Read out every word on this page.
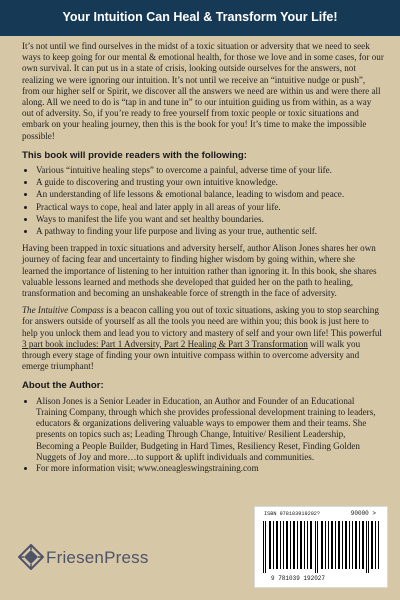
Your Intuition Can Heal & Transform Your Life!

It’s not until we find ourselves in the midst of a toxic situation or adversity that we need to seek ways to keep going for our mental & emotional health, for those we love and in some cases, for our own survival. It can put us in a state of crisis, looking outside ourselves for the answers, not realizing we were ignoring our intuition. It’s not until we receive an “intuitive nudge or push”, from our higher self or Spirit, we discover all the answers we need are within us and were there all along. All we need to do is “tap in and tune in” to our intuition guiding us from within, as a way out of adversity. So, if you’re ready to free yourself from toxic people or toxic situations and embark on your healing journey, then this is the book for you! It’s time to make the impossible possible!

This book will provide readers with the following:
• Various “intuitive healing steps” to overcome a painful, adverse time of your life.
• A guide to discovering and trusting your own intuitive knowledge.
• An understanding of life lessons & emotional balance, leading to wisdom and peace.
• Practical ways to cope, heal and later apply in all areas of your life.
• Ways to manifest the life you want and set healthy boundaries.
• A pathway to finding your life purpose and living as your true, authentic self.

Having been trapped in toxic situations and adversity herself, author Alison Jones shares her own journey of facing fear and uncertainty to finding higher wisdom by going within, where she learned the importance of listening to her intuition rather than ignoring it. In this book, she shares valuable lessons learned and methods she developed that guided her on the path to healing, transformation and becoming an unshakeable force of strength in the face of adversity.

The Intuitive Compass is a beacon calling you out of toxic situations, asking you to stop searching for answers outside of yourself as all the tools you need are within you; this book is just here to help you unlock them and lead you to victory and mastery of self and your own life! This powerful 3 part book includes: Part 1 Adversity, Part 2 Healing & Part 3 Transformation will walk you through every stage of finding your own intuitive compass within to overcome adversity and emerge triumphant!

About the Author:
• Alison Jones is a Senior Leader in Education, an Author and Founder of an Educational Training Company, through which she provides professional development training to leaders, educators & organizations delivering valuable ways to empower them and their teams. She presents on topics such as; Leading Through Change, Intuitive/ Resilient Leadership, Becoming a People Builder, Budgeting in Hard Times, Resiliency Reset, Finding Golden Nuggets of Joy and more…to support & uplift individuals and communities.
• For more information visit; www.oneagleswingstraining.com
ISBN 978103919202?	90000 >
9 781039 192027
FriesenPress
